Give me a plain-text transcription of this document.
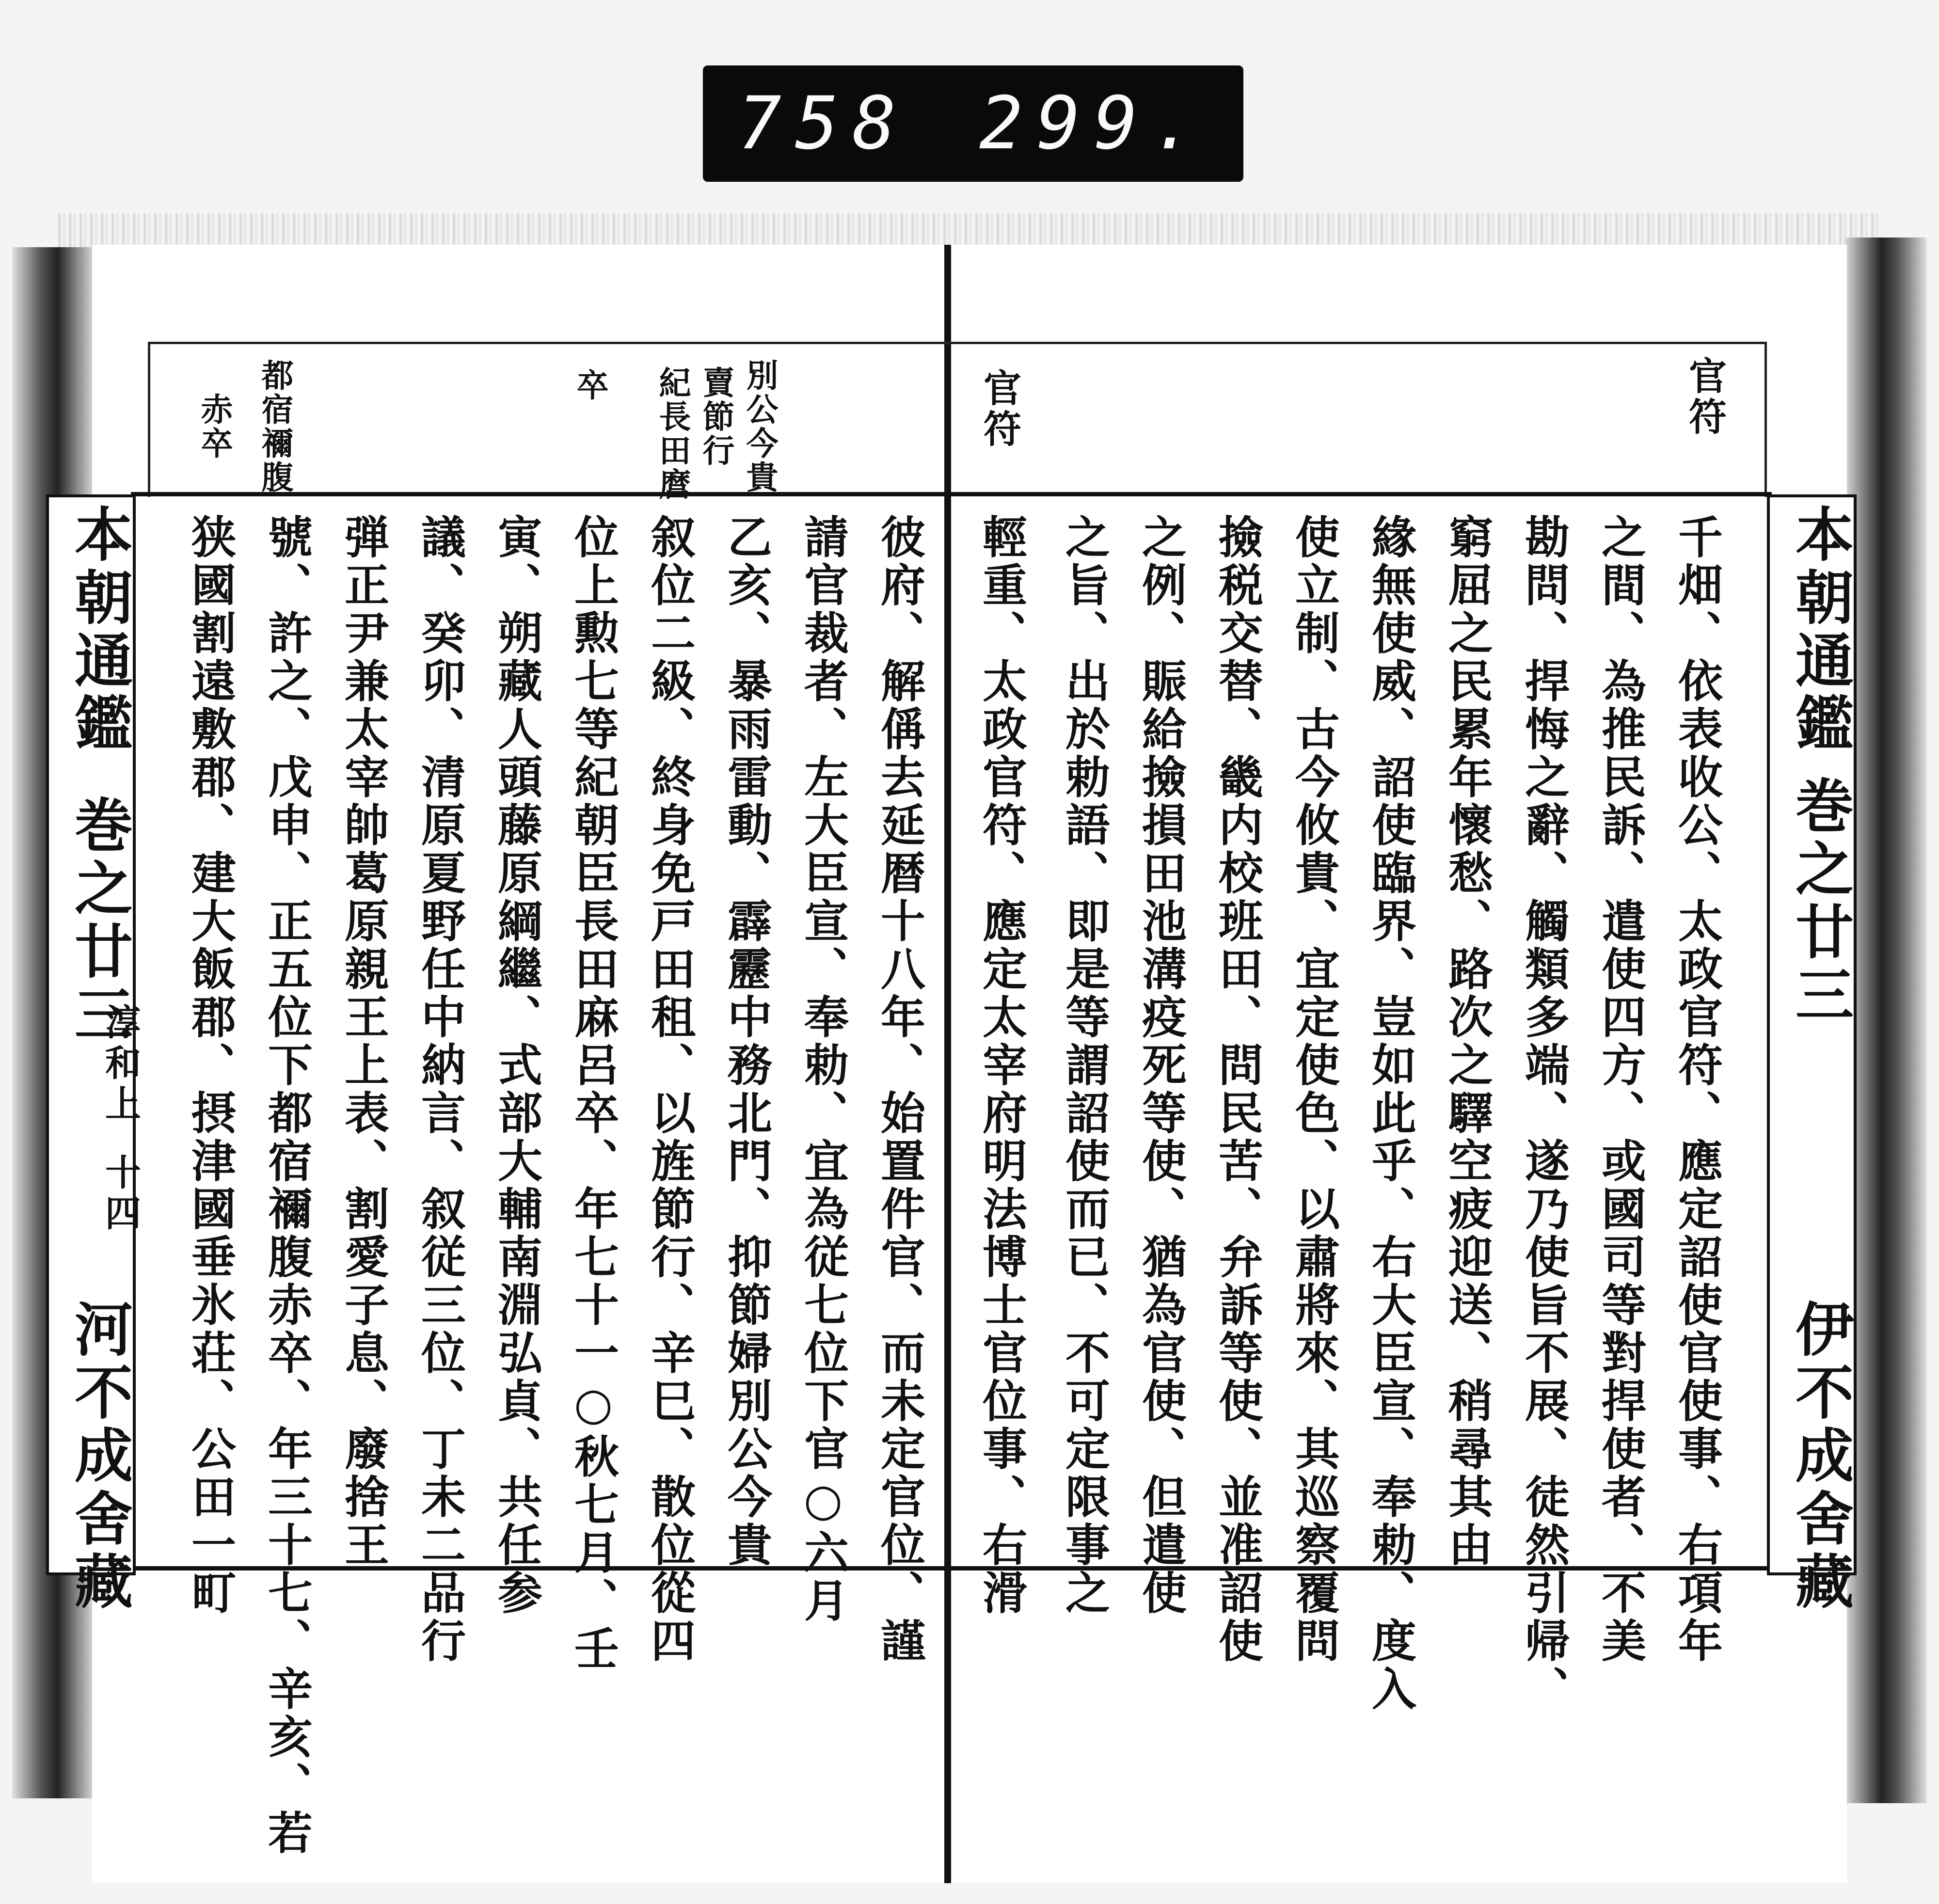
758 299.
本朝通鑑
巻之廿三
淳和上
十四
河不成舍藏
本朝通鑑
巻之廿三
伊不成舍藏
官符
官符
別公今貴
賣節行
紀長田麿
卒
都宿禰腹
赤卒
千畑、依表收公、太政官符、應定詔使官使事、右項年
之間、為推民訴、遣使四方、或國司等對捍使者、不美
勘問、捍悔之辭、觸類多端、遂乃使旨不展、徒然引帰、
窮屈之民累年懷愁、路次之驛空疲迎送、稍尋其由
緣無使威、詔使臨界、豈如此乎、右大臣宣、奉勅、度入
使立制、古今攸貴、宜定使色、以肅將來、其巡察覆問
撿税交替、畿内校班田、問民苦、弁訴等使、並准詔使
之例、賑給撿損田池溝疫死等使、猶為官使、但遣使
之旨、出於勅語、即是等謂詔使而已、不可定限事之
輕重、太政官符、應定太宰府明法博士官位事、右滑
彼府、解偁去延暦十八年、始置件官、而未定官位、謹
請官裁者、左大臣宣、奉勅、宜為従七位下官○六月
乙亥、暴雨雷動、霹靂中務北門、抑節婦別公今貴
叙位二級、終身免戸田租、以旌節行、辛巳、散位從四
位上勲七等紀朝臣長田麻呂卒、年七十一○秋七月、壬
寅、朔藏人頭藤原綱繼、式部大輔南淵弘貞、共任参
議、癸卯、清原夏野任中納言、叙従三位、丁未二品行
弾正尹兼太宰帥葛原親王上表、割愛子息、廢捨王
號、許之、戊申、正五位下都宿禰腹赤卒、年三十七、辛亥、若
狭國割遠敷郡、建大飯郡、摂津國垂氷荘、公田一町
